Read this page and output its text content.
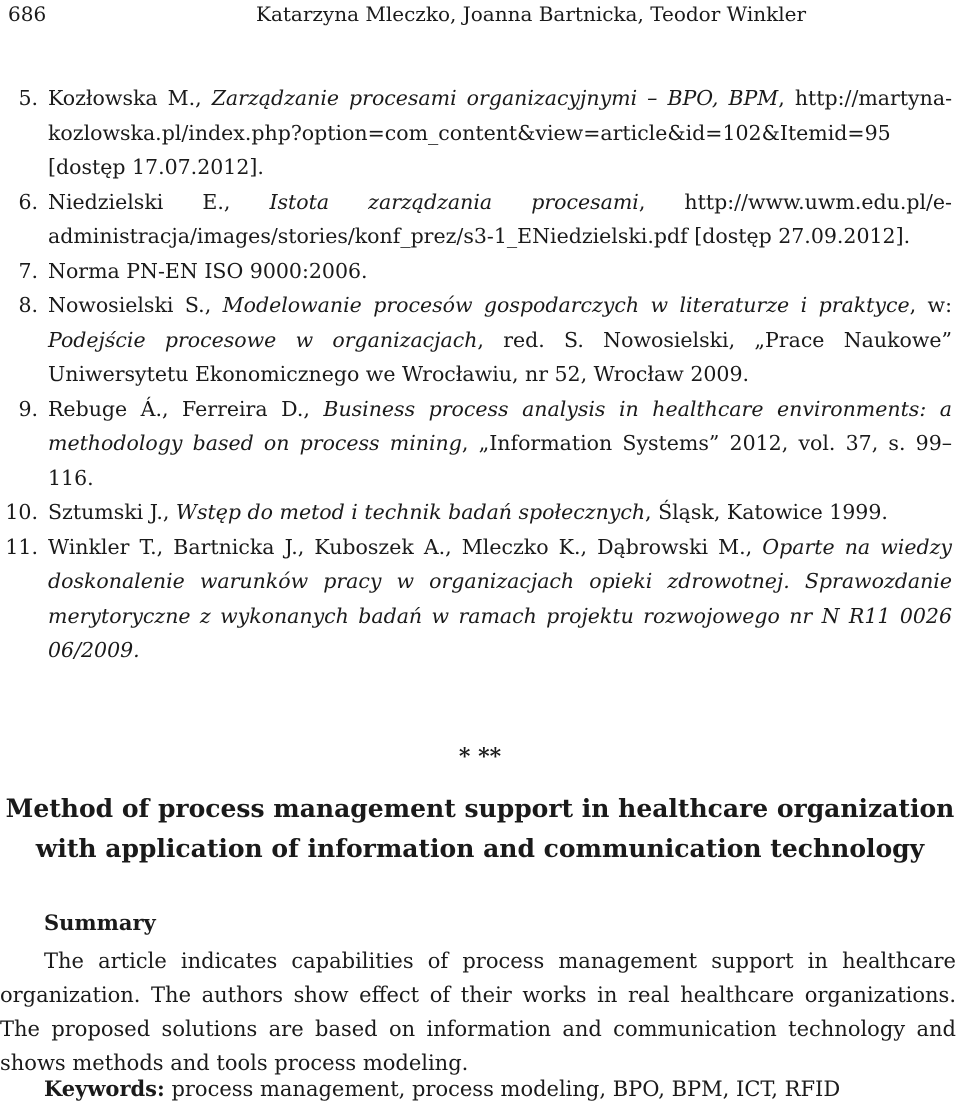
686	Katarzyna Mleczko, Joanna Bartnicka, Teodor Winkler
5. Kozłowska M., Zarządzanie procesami organizacyjnymi – BPO, BPM, http://martyna-kozlowska.pl/index.php?option=com_content&view=article&id=102&Itemid=95 [dostęp 17.07.2012].
6. Niedzielski E., Istota zarządzania procesami, http://www.uwm.edu.pl/e-administracja/images/stories/konf_prez/s3-1_ENiedzielski.pdf [dostęp 27.09.2012].
7. Norma PN-EN ISO 9000:2006.
8. Nowosielski S., Modelowanie procesów gospodarczych w literaturze i praktyce, w: Podejście procesowe w organizacjach, red. S. Nowosielski, „Prace Naukowe” Uniwersytetu Ekonomicznego we Wrocławiu, nr 52, Wrocław 2009.
9. Rebuge Á., Ferreira D., Business process analysis in healthcare environments: a methodology based on process mining, „Information Systems” 2012, vol. 37, s. 99–116.
10. Sztumski J., Wstęp do metod i technik badań społecznych, Śląsk, Katowice 1999.
11. Winkler T., Bartnicka J., Kuboszek A., Mleczko K., Dąbrowski M., Oparte na wiedzy doskonalenie warunków pracy w organizacjach opieki zdrowotnej. Sprawozdanie merytoryczne z wykonanych badań w ramach projektu rozwojowego nr N R11 0026 06/2009.
* **
Method of process management support in healthcare organization
with application of information and communication technology
Summary
The article indicates capabilities of process management support in healthcare organization. The authors show effect of their works in real healthcare organizations. The proposed solutions are based on information and communication technology and shows methods and tools process modeling.
Keywords: process management, process modeling, BPO, BPM, ICT, RFID
